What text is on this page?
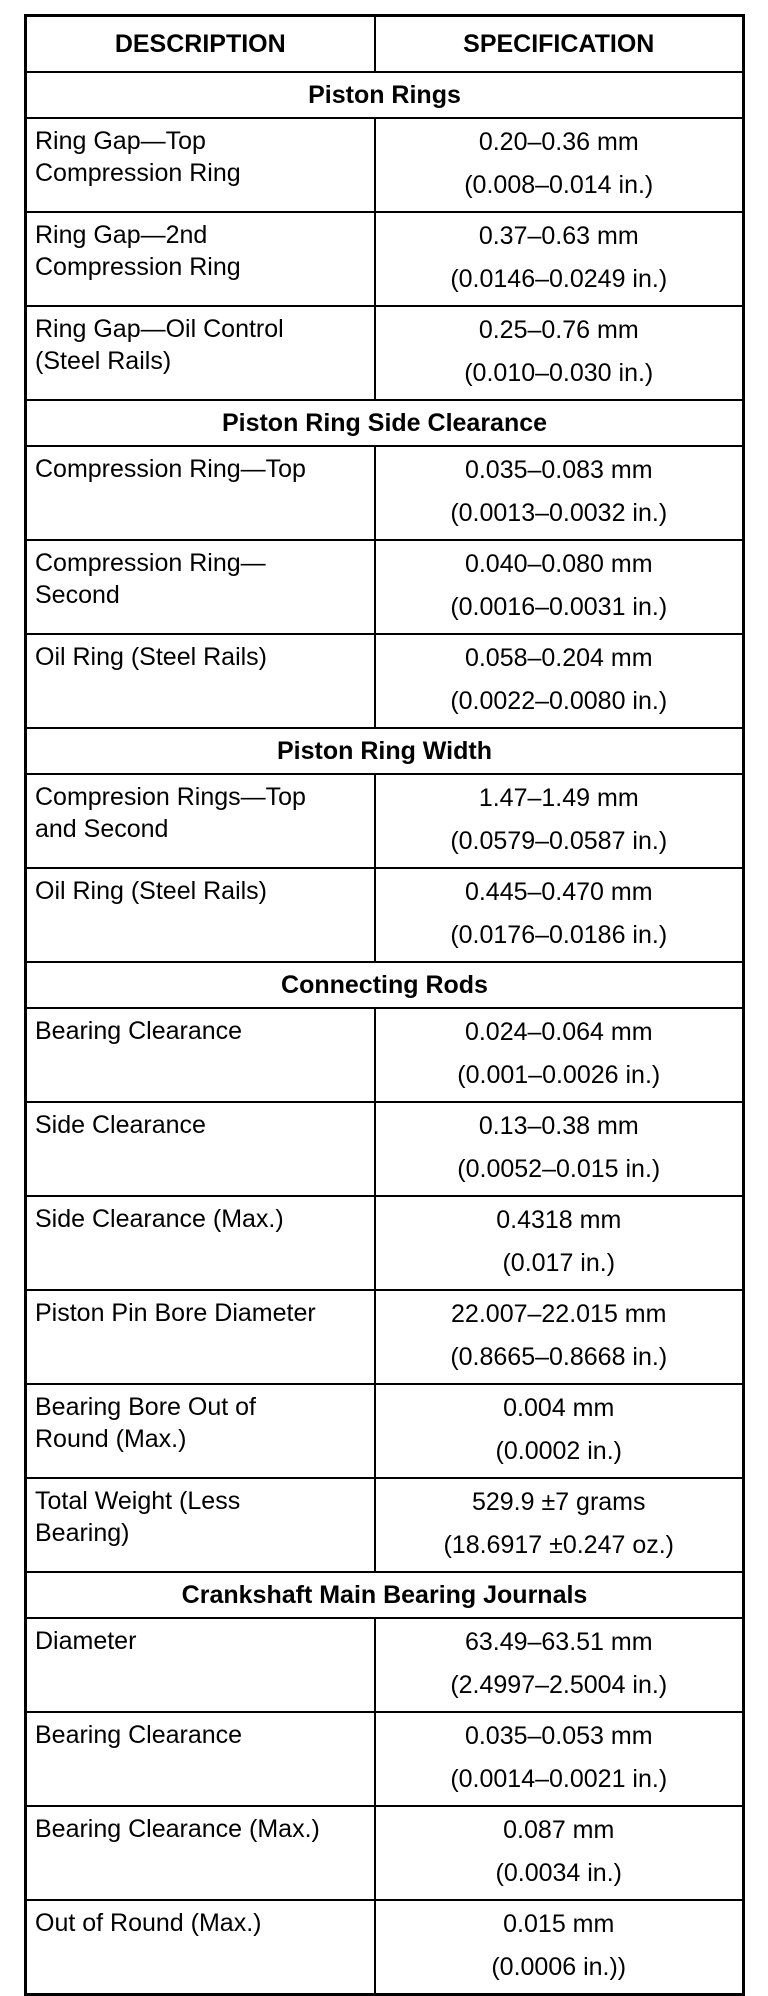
DESCRIPTION	SPECIFICATION
Piston Rings	

Ring Gap—Top
Compression Ring	0.20–0.36 mm
(0.008–0.014 in.)

Ring Gap—2nd
Compression Ring	0.37–0.63 mm
(0.0146–0.0249 in.)

Ring Gap—Oil Control
(Steel Rails)	0.25–0.76 mm
(0.010–0.030 in.)

Piston Ring Side Clearance	

Compression Ring—Top	0.035–0.083 mm
(0.0013–0.0032 in.)

Compression Ring—
Second	0.040–0.080 mm
(0.0016–0.0031 in.)

Oil Ring (Steel Rails)	0.058–0.204 mm
(0.0022–0.0080 in.)

Piston Ring Width	

Compresion Rings—Top
and Second	1.47–1.49 mm
(0.0579–0.0587 in.)

Oil Ring (Steel Rails)	0.445–0.470 mm
(0.0176–0.0186 in.)

Connecting Rods	

Bearing Clearance	0.024–0.064 mm
(0.001–0.0026 in.)

Side Clearance	0.13–0.38 mm
(0.0052–0.015 in.)

Side Clearance (Max.)	0.4318 mm
(0.017 in.)

Piston Pin Bore Diameter	22.007–22.015 mm
(0.8665–0.8668 in.)

Bearing Bore Out of
Round (Max.)	0.004 mm
(0.0002 in.)

Total Weight (Less
Bearing)	529.9 ±7 grams
(18.6917 ±0.247 oz.)

Crankshaft Main Bearing Journals	

Diameter	63.49–63.51 mm
(2.4997–2.5004 in.)

Bearing Clearance	0.035–0.053 mm
(0.0014–0.0021 in.)

Bearing Clearance (Max.)	0.087 mm
(0.0034 in.)

Out of Round (Max.)	0.015 mm
(0.0006 in.))
